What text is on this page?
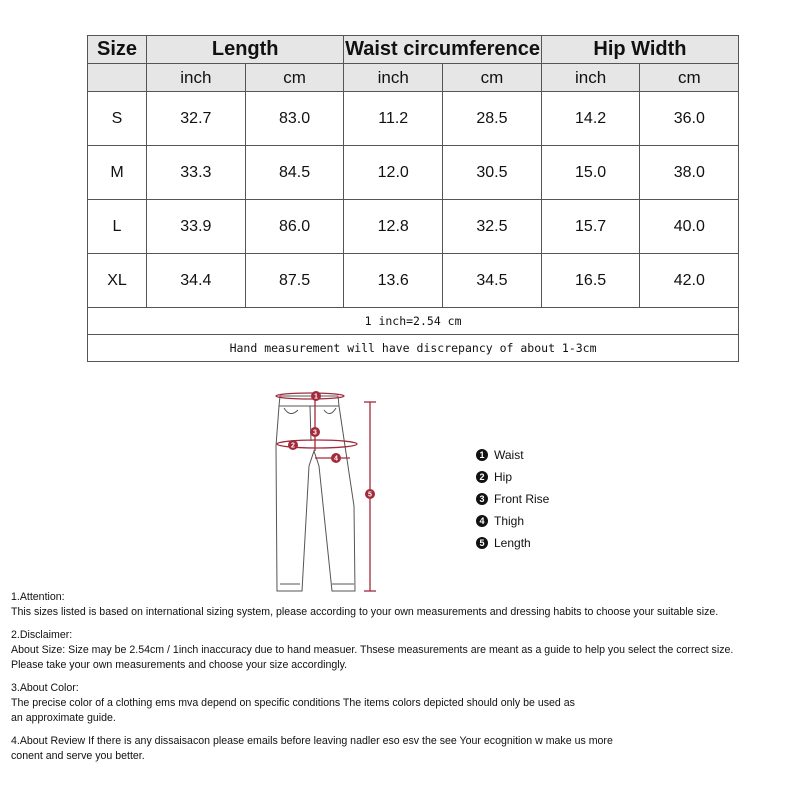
Size	Length		Waist circumference		Hip Width	
	inch	cm	inch	cm	inch	cm
S	32.7	83.0	11.2	28.5	14.2	36.0
M	33.3	84.5	12.0	30.5	15.0	38.0
L	33.9	86.0	12.8	32.5	15.7	40.0
XL	34.4	87.5	13.6	34.5	16.5	42.0
1 inch=2.54 cm						
Hand measurement will have discrepancy of about 1-3cm						
1
2
3
4
5
1 Waist
2 Hip
3 Front Rise
4 Thigh
5 Length

1.Attention:
This sizes listed is based on international sizing system, please according to your own measurements and dressing habits to choose your suitable size.

2.Disclaimer:
About Size: Size may be 2.54cm / 1inch inaccuracy due to hand measuer. Thsese measurements are meant as a guide to help you select the correct size.
Please take your own measurements and choose your size accordingly.

3.About Color:
The precise color of a clothing ems mva depend on specific conditions The items colors depicted should only be used as
an approximate guide.

4.About Review If there is any dissaisacon please emails before leaving nadler eso esv the see Your ecognition w make us more
conent and serve you better.
